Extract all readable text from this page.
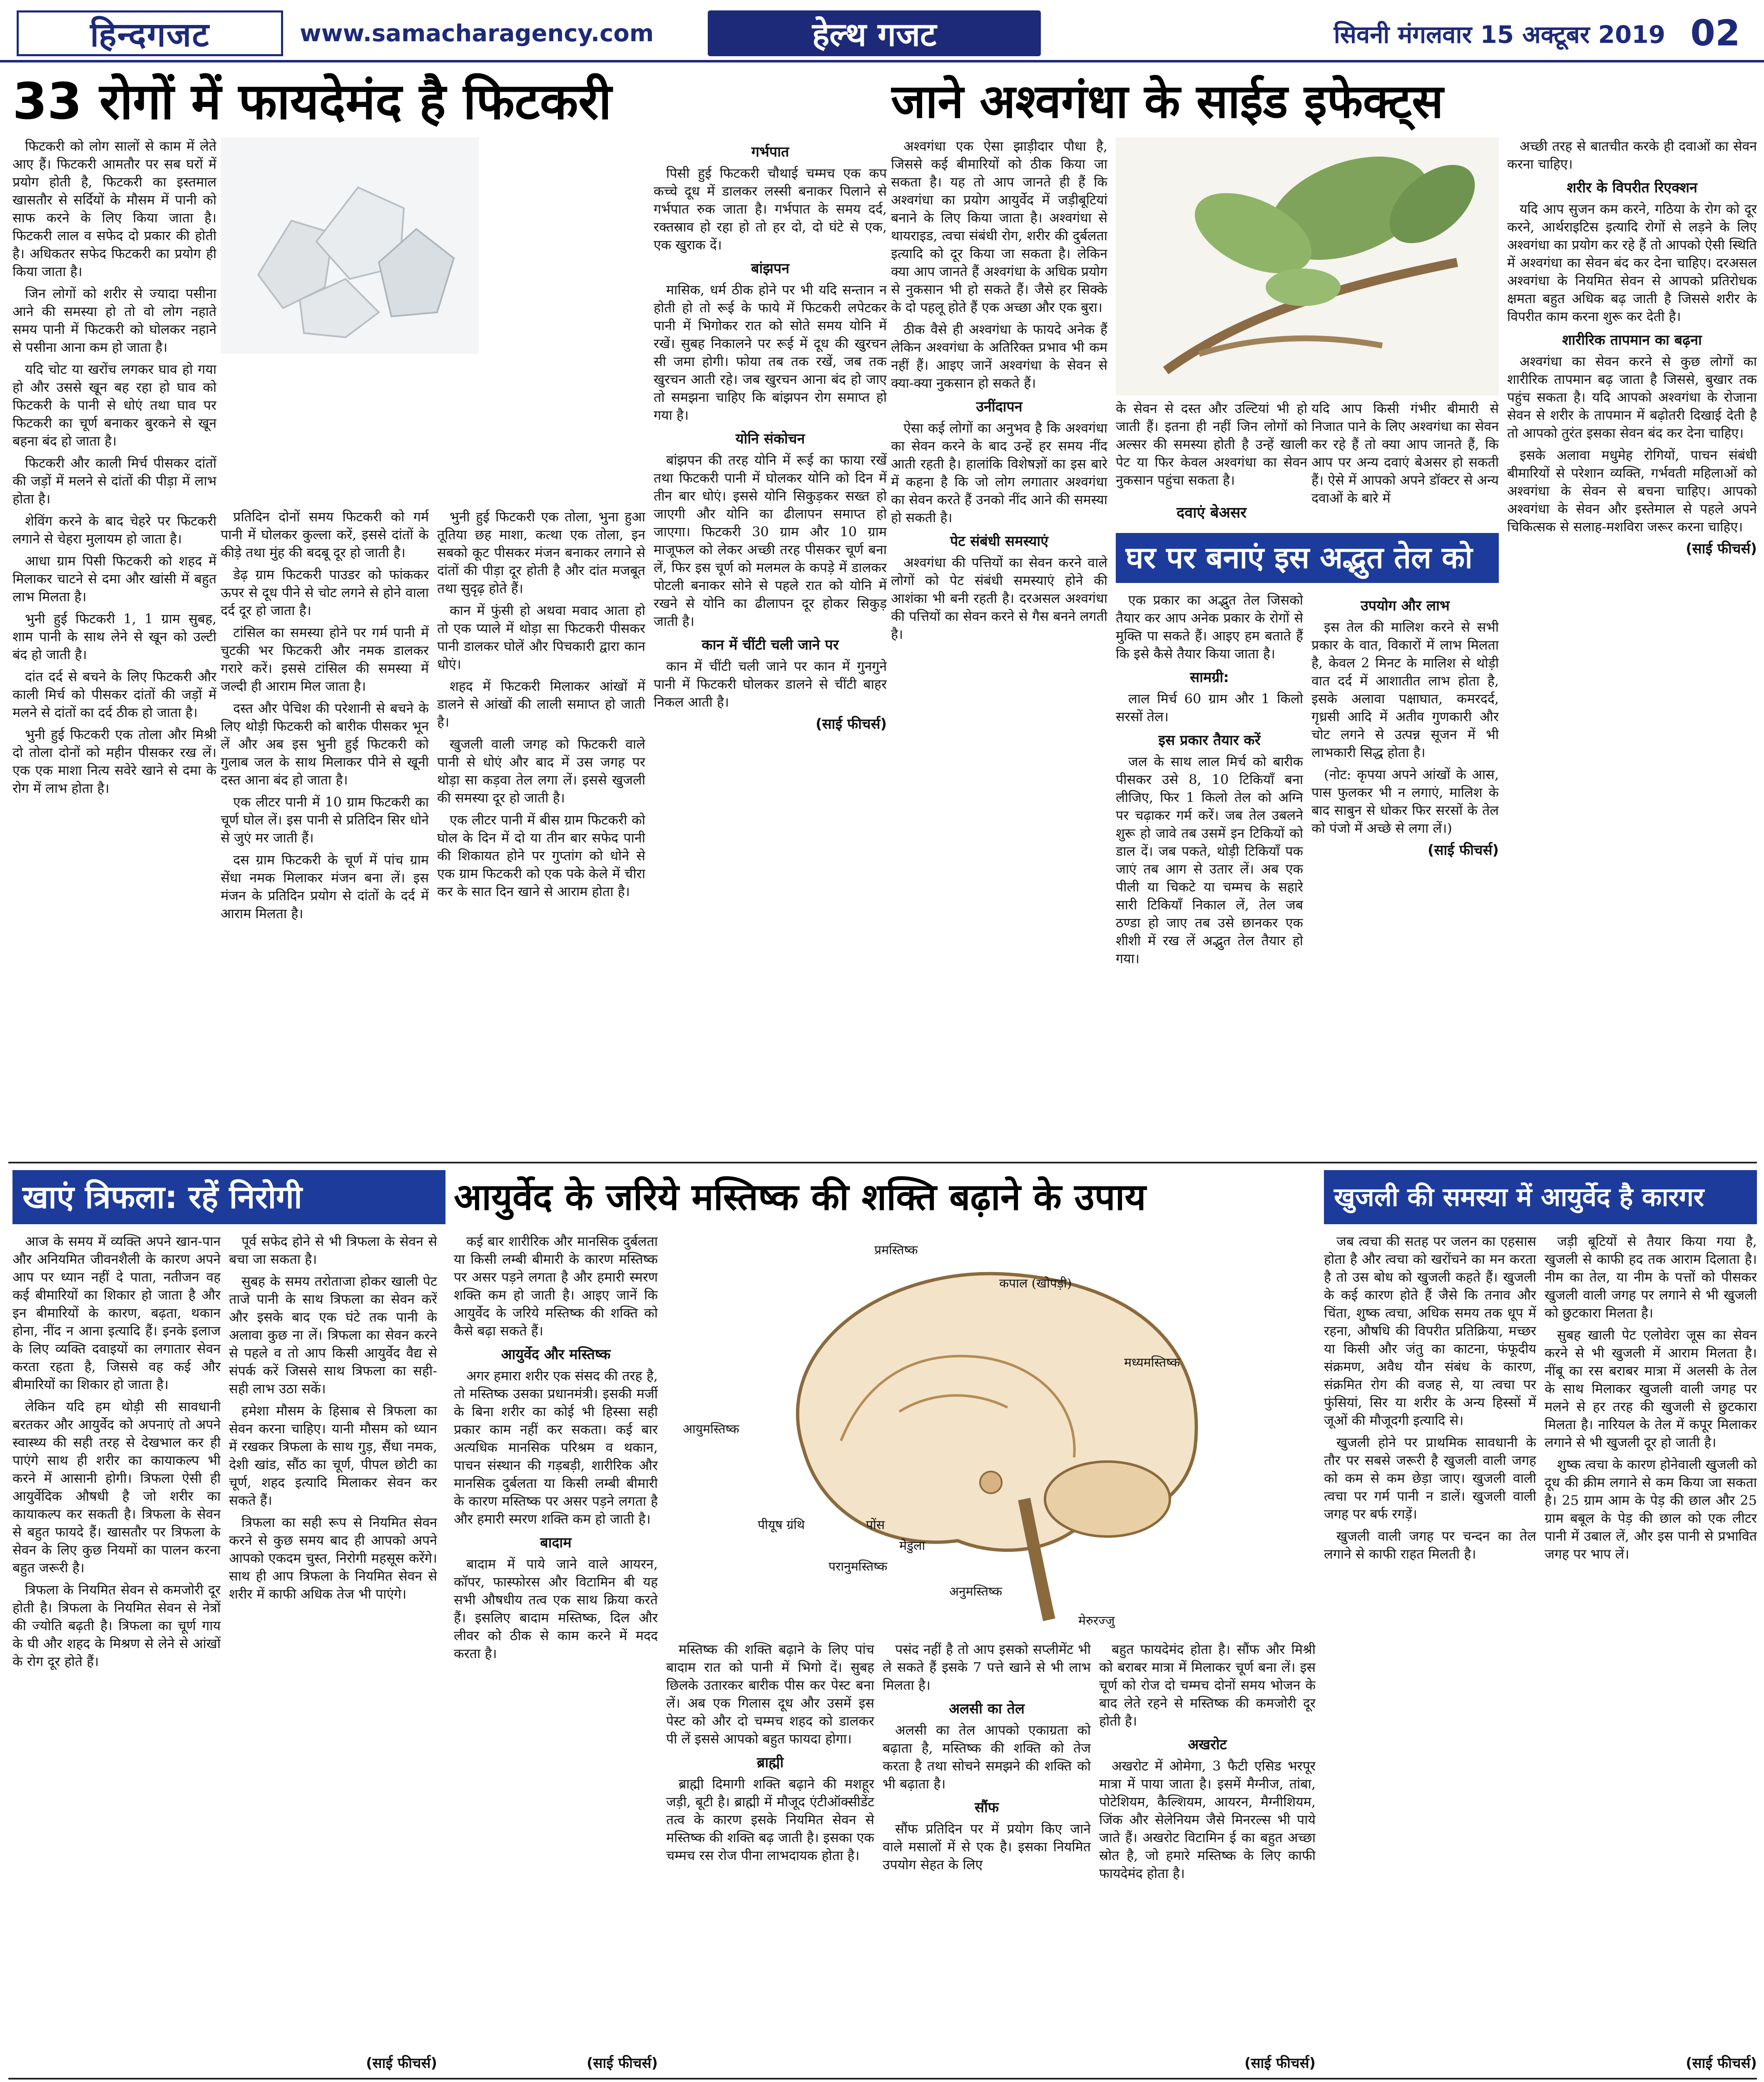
हिन्दगजट	www.samacharagency.com	हेल्थ गजट	सिवनी मंगलवार 15 अक्टूबर 2019 02
33 रोगों में फायदेमंद है फिटकरी

फिटकरी को लोग सालों से काम में लेते आए हैं। फिटकरी आमतौर पर सब घरों में प्रयोग होती है, फिटकरी का इस्तमाल खासतौर से सर्दियों के मौसम में पानी को साफ करने के लिए किया जाता है। फिटकरी लाल व सफेद दो प्रकार की होती है। अधिकतर सफेद फिटकरी का प्रयोग ही किया जाता है।

जिन लोगों को शरीर से ज्यादा पसीना आने की समस्या हो तो वो लोग नहाते समय पानी में फिटकरी को घोलकर नहाने से पसीना आना कम हो जाता है।

यदि चोट या खरोंच लगकर घाव हो गया हो और उससे खून बह रहा हो घाव को फिटकरी के पानी से धोएं तथा घाव पर फिटकरी का चूर्ण बनाकर बुरकने से खून बहना बंद हो जाता है।

फिटकरी और काली मिर्च पीसकर दांतों की जड़ों में मलने से दांतों की पीड़ा में लाभ होता है।

शेविंग करने के बाद चेहरे पर फिटकरी लगाने से चेहरा मुलायम हो जाता है।

आधा ग्राम पिसी फिटकरी को शहद में मिलाकर चाटने से दमा और खांसी में बहुत लाभ मिलता है।

भुनी हुई फिटकरी 1, 1 ग्राम सुबह, शाम पानी के साथ लेने से खून को उल्टी बंद हो जाती है।

दांत दर्द से बचने के लिए फिटकरी और काली मिर्च को पीसकर दांतों की जड़ों में मलने से दांतों का दर्द ठीक हो जाता है।

भुनी हुई फिटकरी एक तोला और मिश्री दो तोला दोनों को महीन पीसकर रख लें। एक एक माशा नित्य सवेरे खाने से दमा के रोग में लाभ होता है।

प्रतिदिन दोनों समय फिटकरी को गर्म पानी में घोलकर कुल्ला करें, इससे दांतों के कीड़े तथा मुंह की बदबू दूर हो जाती है।

डेढ़ ग्राम फिटकरी पाउडर को फांककर ऊपर से दूध पीने से चोट लगने से होने वाला दर्द दूर हो जाता है।

टांसिल का समस्या होने पर गर्म पानी में चुटकी भर फिटकरी और नमक डालकर गरारे करें। इससे टांसिल की समस्या में जल्दी ही आराम मिल जाता है।

दस्त और पेचिश की परेशानी से बचने के लिए थोड़ी फिटकरी को बारीक पीसकर भून लें और अब इस भुनी हुई फिटकरी को गुलाब जल के साथ मिलाकर पीने से खूनी दस्त आना बंद हो जाता है।

एक लीटर पानी में 10 ग्राम फिटकरी का चूर्ण घोल लें। इस पानी से प्रतिदिन सिर धोने से जुएं मर जाती हैं।

दस ग्राम फिटकरी के चूर्ण में पांच ग्राम सेंधा नमक मिलाकर मंजन बना लें। इस मंजन के प्रतिदिन प्रयोग से दांतों के दर्द में आराम मिलता है।

भुनी हुई फिटकरी एक तोला, भुना हुआ तूतिया छह माशा, कत्था एक तोला, इन सबको कूट पीसकर मंजन बनाकर लगाने से दांतों की पीड़ा दूर होती है और दांत मजबूत तथा सुदृढ़ होते हैं।

कान में फुंसी हो अथवा मवाद आता हो तो एक प्याले में थोड़ा सा फिटकरी पीसकर पानी डालकर घोलें और पिचकारी द्वारा कान धोएं।

शहद में फिटकरी मिलाकर आंखों में डालने से आंखों की लाली समाप्त हो जाती है।

खुजली वाली जगह को फिटकरी वाले पानी से धोएं और बाद में उस जगह पर थोड़ा सा कड़वा तेल लगा लें। इससे खुजली की समस्या दूर हो जाती है।

एक लीटर पानी में बीस ग्राम फिटकरी को घोल के दिन में दो या तीन बार सफेद पानी की शिकायत होने पर गुप्तांग को धोने से एक ग्राम फिटकरी को एक पके केले में चीरा कर के सात दिन खाने से आराम होता है।

गर्भपात

पिसी हुई फिटकरी चौथाई चम्मच एक कप कच्चे दूध में डालकर लस्सी बनाकर पिलाने से गर्भपात रुक जाता है। गर्भपात के समय दर्द, रक्तस्राव हो रहा हो तो हर दो, दो घंटे से एक, एक खुराक दें।

बांझपन

मासिक, धर्म ठीक होने पर भी यदि सन्तान न होती हो तो रूई के फाये में फिटकरी लपेटकर पानी में भिगोकर रात को सोते समय योनि में रखें। सुबह निकालने पर रूई में दूध की खुरचन सी जमा होगी। फोया तब तक रखें, जब तक खुरचन आती रहे। जब खुरचन आना बंद हो जाए तो समझना चाहिए कि बांझपन रोग समाप्त हो गया है।

योनि संकोचन

बांझपन की तरह योनि में रूई का फाया रखें तथा फिटकरी पानी में घोलकर योनि को दिन में तीन बार धोएं। इससे योनि सिकुड़कर सख्त हो जाएगी और योनि का ढीलापन समाप्त हो जाएगा। फिटकरी 30 ग्राम और 10 ग्राम माजूफल को लेकर अच्छी तरह पीसकर चूर्ण बना लें, फिर इस चूर्ण को मलमल के कपड़े में डालकर पोटली बनाकर सोने से पहले रात को योनि में रखने से योनि का ढीलापन दूर होकर सिकुड़ जाती है।

कान में चींटी चली जाने पर

कान में चींटी चली जाने पर कान में गुनगुने पानी में फिटकरी घोलकर डालने से चींटी बाहर निकल आती है।

(साई फीचर्स)
जाने अश्वगंधा के साईड इफेक्ट्स

अश्वगंधा एक ऐसा झाड़ीदार पौधा है, जिससे कई बीमारियों को ठीक किया जा सकता है। यह तो आप जानते ही हैं कि अश्वगंधा का प्रयोग आयुर्वेद में जड़ीबूटियां बनाने के लिए किया जाता है। अश्वगंधा से थायराइड, त्वचा संबंधी रोग, शरीर की दुर्बलता इत्यादि को दूर किया जा सकता है। लेकिन क्या आप जानते हैं अश्वगंधा के अधिक प्रयोग से नुकसान भी हो सकते हैं। जैसे हर सिक्के के दो पहलू होते हैं एक अच्छा और एक बुरा।

ठीक वैसे ही अश्वगंधा के फायदे अनेक हैं लेकिन अश्वगंधा के अतिरिक्त प्रभाव भी कम नहीं हैं। आइए जानें अश्वगंधा के सेवन से क्या-क्या नुकसान हो सकते हैं।

उनींदापन

ऐसा कई लोगों का अनुभव है कि अश्वगंधा का सेवन करने के बाद उन्हें हर समय नींद आती रहती है। हालांकि विशेषज्ञों का इस बारे में कहना है कि जो लोग लगातार अश्वगंधा का सेवन करते हैं उनको नींद आने की समस्या हो सकती है।

पेट संबंधी समस्याएं

अश्वगंधा की पत्तियों का सेवन करने वाले लोगों को पेट संबंधी समस्याएं होने की आशंका भी बनी रहती है। दरअसल अश्वगंधा की पत्तियों का सेवन करने से गैस बनने लगती है।

के सेवन से दस्त और उल्टियां भी हो जाती हैं। इतना ही नहीं जिन लोगों को अल्सर की समस्या होती है उन्हें खाली पेट या फिर केवल अश्वगंधा का सेवन नुकसान पहुंचा सकता है।
यदि आप किसी गंभीर बीमारी से निजात पाने के लिए अश्वगंधा का सेवन कर रहे हैं तो क्या आप जानते हैं, कि आप पर अन्य दवाएं बेअसर हो सकती हैं। ऐसे में आपको अपने डॉक्टर से अन्य दवाओं के बारे में
दवाएं बेअसर

अच्छी तरह से बातचीत करके ही दवाओं का सेवन करना चाहिए।

शरीर के विपरीत रिएक्शन

यदि आप सुजन कम करने, गठिया के रोग को दूर करने, आर्थराइटिस इत्यादि रोगों से लड़ने के लिए अश्वगंधा का प्रयोग कर रहे हैं तो आपको ऐसी स्थिति में अश्वगंधा का सेवन बंद कर देना चाहिए। दरअसल अश्वगंधा के नियमित सेवन से आपको प्रतिरोधक क्षमता बहुत अधिक बढ़ जाती है जिससे शरीर के विपरीत काम करना शुरू कर देती है।

शारीरिक तापमान का बढ़ना

अश्वगंधा का सेवन करने से कुछ लोगों का शारीरिक तापमान बढ़ जाता है जिससे, बुखार तक पहुंच सकता है। यदि आपको अश्वगंधा के रोजाना सेवन से शरीर के तापमान में बढ़ोतरी दिखाई देती है तो आपको तुरंत इसका सेवन बंद कर देना चाहिए।

इसके अलावा मधुमेह रोगियों, पाचन संबंधी बीमारियों से परेशान व्यक्ति, गर्भवती महिलाओं को अश्वगंधा के सेवन से बचना चाहिए। आपको अश्वगंधा के सेवन और इस्तेमाल से पहले अपने चिकित्सक से सलाह-मशविरा जरूर करना चाहिए।

(साई फीचर्स)
घर पर बनाएं इस अद्भुत तेल को

एक प्रकार का अद्भुत तेल जिसको तैयार कर आप अनेक प्रकार के रोगों से मुक्ति पा सकते हैं। आइए हम बताते हैं कि इसे कैसे तैयार किया जाता है।

सामग्री:

लाल मिर्च 60 ग्राम और 1 किलो सरसों तेल।

इस प्रकार तैयार करें

जल के साथ लाल मिर्च को बारीक पीसकर उसे 8, 10 टिकियाँ बना लीजिए, फिर 1 किलो तेल को अग्नि पर चढ़ाकर गर्म करें। जब तेल उबलने शुरू हो जावे तब उसमें इन टिकियों को डाल दें। जब पकते, थोड़ी टिकियाँ पक जाएं तब आग से उतार लें। अब एक पीली या चिकटे या चम्मच के सहारे सारी टिकियाँ निकाल लें, तेल जब ठण्डा हो जाए तब उसे छानकर एक शीशी में रख लें अद्भुत तेल तैयार हो गया।

उपयोग और लाभ

इस तेल की मालिश करने से सभी प्रकार के वात, विकारों में लाभ मिलता है, केवल 2 मिनट के मालिश से थोड़ी वात दर्द में आशातीत लाभ होता है, इसके अलावा पक्षाघात, कमरदर्द, गृध्रसी आदि में अतीव गुणकारी और चोट लगने से उत्पन्न सूजन में भी लाभकारी सिद्ध होता है।

(नोट: कृपया अपने आंखों के आस, पास फुलकर भी न लगाएं, मालिश के बाद साबुन से धोकर फिर सरसों के तेल को पंजो में अच्छे से लगा लें।)

(साई फीचर्स)
खाएं त्रिफला: रहें निरोगी

आज के समय में व्यक्ति अपने खान-पान और अनियमित जीवनशैली के कारण अपने आप पर ध्यान नहीं दे पाता, नतीजन वह कई बीमारियों का शिकार हो जाता है और इन बीमारियों के कारण, बढ़ता, थकान होना, नींद न आना इत्यादि हैं। इनके इलाज के लिए व्यक्ति दवाइयों का लगातार सेवन करता रहता है, जिससे वह कई और बीमारियों का शिकार हो जाता है।

लेकिन यदि हम थोड़ी सी सावधानी बरतकर और आयुर्वेद को अपनाएं तो अपने स्वास्थ्य की सही तरह से देखभाल कर ही पाएंगे साथ ही शरीर का कायाकल्प भी करने में आसानी होगी। त्रिफला ऐसी ही आयुर्वेदिक औषधी है जो शरीर का कायाकल्प कर सकती है। त्रिफला के सेवन से बहुत फायदे हैं। खासतौर पर त्रिफला के सेवन के लिए कुछ नियमों का पालन करना बहुत जरूरी है।

त्रिफला के नियमित सेवन से कमजोरी दूर होती है। त्रिफला के नियमित सेवन से नेत्रों की ज्योति बढ़ती है। त्रिफला का चूर्ण गाय के घी और शहद के मिश्रण से लेने से आंखों के रोग दूर होते हैं।

पूर्व सफेद होने से भी त्रिफला के सेवन से बचा जा सकता है।

सुबह के समय तरोताजा होकर खाली पेट ताजे पानी के साथ त्रिफला का सेवन करें और इसके बाद एक घंटे तक पानी के अलावा कुछ ना लें। त्रिफला का सेवन करने से पहले व तो आप किसी आयुर्वेद वैद्य से संपर्क करें जिससे साथ त्रिफला का सही-सही लाभ उठा सकें।

हमेशा मौसम के हिसाब से त्रिफला का सेवन करना चाहिए। यानी मौसम को ध्यान में रखकर त्रिफला के साथ गुड़, सैंधा नमक, देशी खांड, सौंठ का चूर्ण, पीपल छोटी का चूर्ण, शहद इत्यादि मिलाकर सेवन कर सकते हैं।

त्रिफला का सही रूप से नियमित सेवन करने से कुछ समय बाद ही आपको अपने आपको एकदम चुस्त, निरोगी महसूस करेंगे। साथ ही आप त्रिफला के नियमित सेवन से शरीर में काफी अधिक तेज भी पाएंगे।

(साई फीचर्स)
आयुर्वेद के जरिये मस्तिष्क की शक्ति बढ़ाने के उपाय

कई बार शारीरिक और मानसिक दुर्बलता या किसी लम्बी बीमारी के कारण मस्तिष्क पर असर पड़ने लगता है और हमारी स्मरण शक्ति कम हो जाती है। आइए जानें कि आयुर्वेद के जरिये मस्तिष्क की शक्ति को कैसे बढ़ा सकते हैं।

आयुर्वेद और मस्तिष्क

अगर हमारा शरीर एक संसद की तरह है, तो मस्तिष्क उसका प्रधानमंत्री। इसकी मर्जी के बिना शरीर का कोई भी हिस्सा सही प्रकार काम नहीं कर सकता। कई बार अत्यधिक मानसिक परिश्रम व थकान, पाचन संस्थान की गड़बड़ी, शारीरिक और मानसिक दुर्बलता या किसी लम्बी बीमारी के कारण मस्तिष्क पर असर पड़ने लगता है और हमारी स्मरण शक्ति कम हो जाती है।

बादाम

बादाम में पाये जाने वाले आयरन, कॉपर, फास्फोरस और विटामिन बी यह सभी औषधीय तत्व एक साथ क्रिया करते हैं। इसलिए बादाम मस्तिष्क, दिल और लीवर को ठीक से काम करने में मदद करता है।

प्रमस्तिष्क
कपाल (खोपड़ी)
मध्यमस्तिष्क
परानुमस्तिष्क
मेरुरज्जु
अनुमस्तिष्क
मेडुला
पोंस
पीयूष ग्रंथि
आयुमस्तिष्क

मस्तिष्क की शक्ति बढ़ाने के लिए पांच बादाम रात को पानी में भिगो दें। सुबह छिलके उतारकर बारीक पीस कर पेस्ट बना लें। अब एक गिलास दूध और उसमें इस पेस्ट को और दो चम्मच शहद को डालकर पी लें इससे आपको बहुत फायदा होगा।

ब्राह्मी

ब्राह्मी दिमागी शक्ति बढ़ाने की मशहूर जड़ी, बूटी है। ब्राह्मी में मौजूद एंटीऑक्सीडेंट तत्व के कारण इसके नियमित सेवन से मस्तिष्क की शक्ति बढ़ जाती है। इसका एक चम्मच रस रोज पीना लाभदायक होता है।

पसंद नहीं है तो आप इसको सप्लीमेंट भी ले सकते हैं इसके 7 पत्ते खाने से भी लाभ मिलता है।

अलसी का तेल

अलसी का तेल आपको एकाग्रता को बढ़ाता है, मस्तिष्क की शक्ति को तेज करता है तथा सोचने समझने की शक्ति को भी बढ़ाता है।

सौंफ

सौंफ प्रतिदिन पर में प्रयोग किए जाने वाले मसालों में से एक है। इसका नियमित उपयोग सेहत के लिए

बहुत फायदेमंद होता है। सौंफ और मिश्री को बराबर मात्रा में मिलाकर चूर्ण बना लें। इस चूर्ण को रोज दो चम्मच दोनों समय भोजन के बाद लेते रहने से मस्तिष्क की कमजोरी दूर होती है।

अखरोट

अखरोट में ओमेगा, 3 फैटी एसिड भरपूर मात्रा में पाया जाता है। इसमें मैग्नीज, तांबा, पोटेशियम, कैल्शियम, आयरन, मैग्नीशियम, जिंक और सेलेनियम जैसे मिनरल्स भी पाये जाते हैं। अखरोट विटामिन ई का बहुत अच्छा स्रोत है, जो हमारे मस्तिष्क के लिए काफी फायदेमंद होता है।

(साई फीचर्स)	(साई फीचर्स)
खुजली की समस्या में आयुर्वेद है कारगर

जब त्वचा की सतह पर जलन का एहसास होता है और त्वचा को खरोंचने का मन करता है तो उस बोध को खुजली कहते हैं। खुजली के कई कारण होते हैं जैसे कि तनाव और चिंता, शुष्क त्वचा, अधिक समय तक धूप में रहना, औषधि की विपरीत प्रतिक्रिया, मच्छर या किसी और जंतु का काटना, फंफूदीय संक्रमण, अवैध यौन संबंध के कारण, संक्रमित रोग की वजह से, या त्वचा पर फुंसियां, सिर या शरीर के अन्य हिस्सों में जूओं की मौजूदगी इत्यादि से।

खुजली होने पर प्राथमिक सावधानी के तौर पर सबसे जरूरी है खुजली वाली जगह को कम से कम छेड़ा जाए। खुजली वाली त्वचा पर गर्म पानी न डालें। खुजली वाली जगह पर बर्फ रगड़ें।

खुजली वाली जगह पर चन्दन का तेल लगाने से काफी राहत मिलती है।

जड़ी बूटियों से तैयार किया गया है, खुजली से काफी हद तक आराम दिलाता है। नीम का तेल, या नीम के पत्तों को पीसकर खुजली वाली जगह पर लगाने से भी खुजली को छुटकारा मिलता है।

सुबह खाली पेट एलोवेरा जूस का सेवन करने से भी खुजली में आराम मिलता है। नींबू का रस बराबर मात्रा में अलसी के तेल के साथ मिलाकर खुजली वाली जगह पर मलने से हर तरह की खुजली से छुटकारा मिलता है। नारियल के तेल में कपूर मिलाकर लगाने से भी खुजली दूर हो जाती है।

शुष्क त्वचा के कारण होनेवाली खुजली को दूध की क्रीम लगाने से कम किया जा सकता है। 25 ग्राम आम के पेड़ की छाल और 25 ग्राम बबूल के पेड़ की छाल को एक लीटर पानी में उबाल लें, और इस पानी से प्रभावित जगह पर भाप लें।

(साई फीचर्स)
